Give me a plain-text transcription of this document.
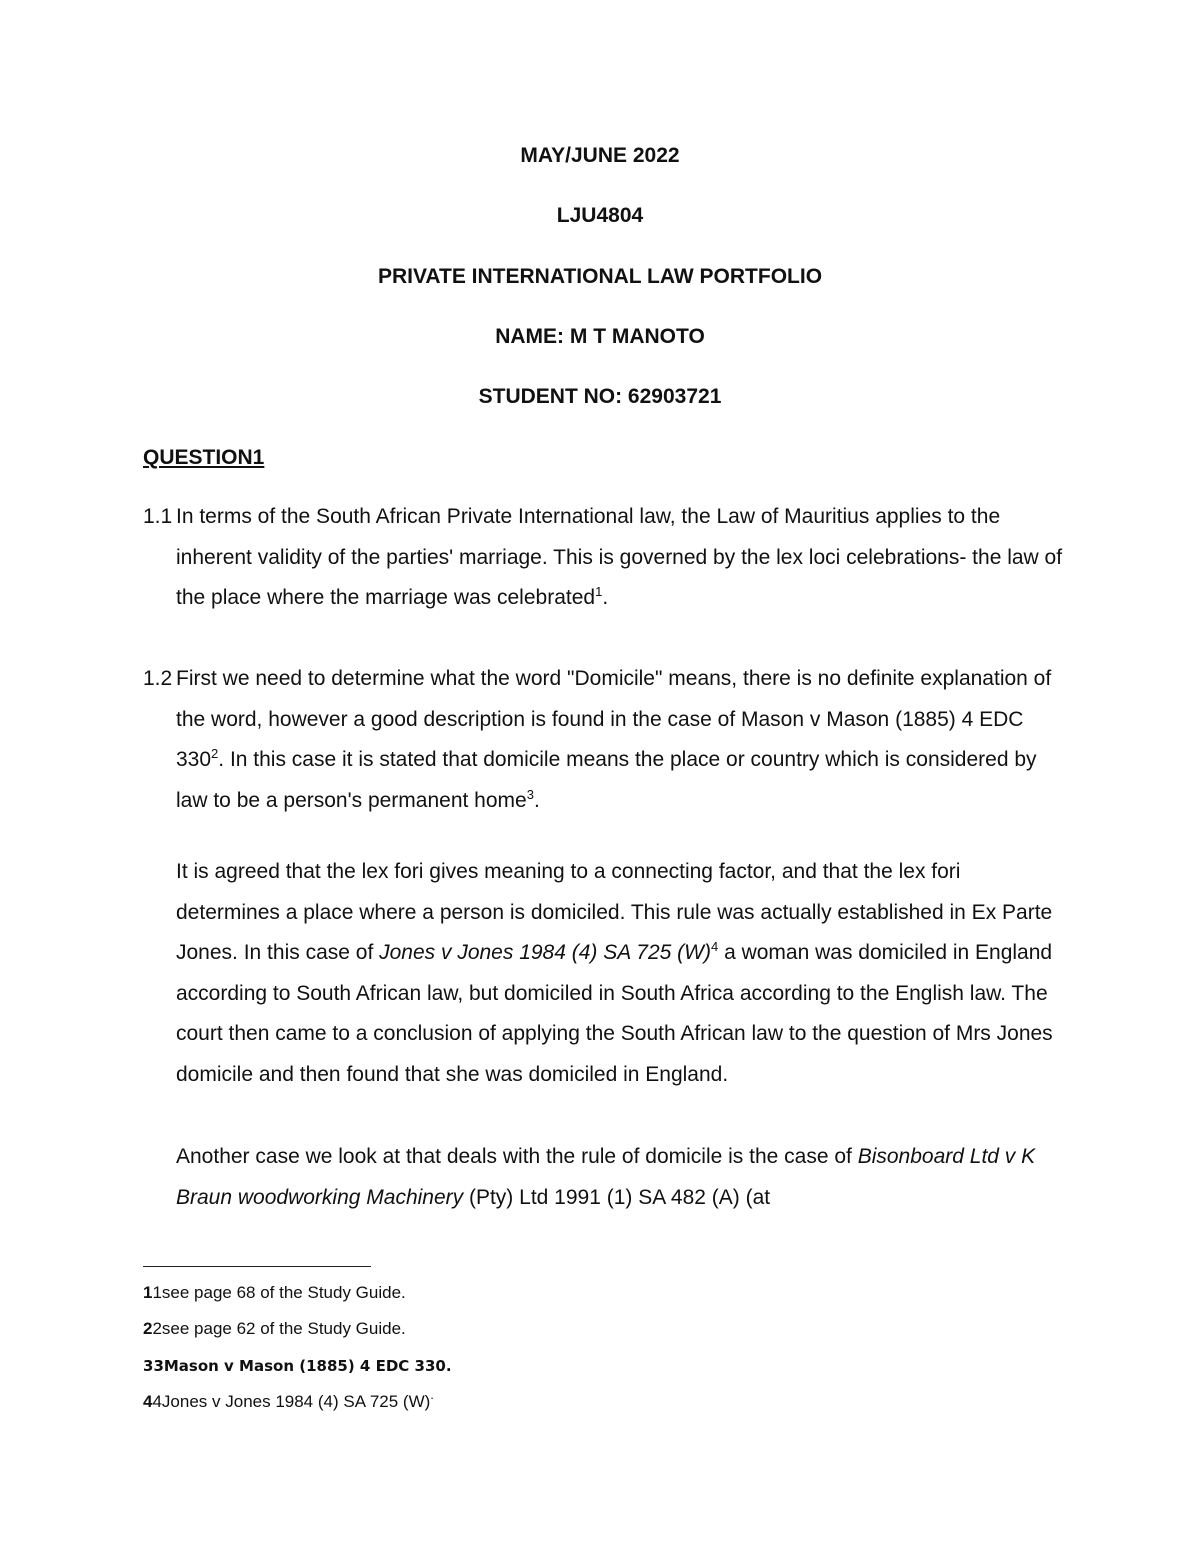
MAY/JUNE 2022

LJU4804

PRIVATE INTERNATIONAL LAW PORTFOLIO

NAME: M T MANOTO

STUDENT NO: 62903721

QUESTION1

1.1 In terms of the South African Private International law, the Law of Mauritius applies to the inherent validity of the parties' marriage. This is governed by the lex loci celebrations- the law of the place where the marriage was celebrated$^1$.
1.2 First we need to determine what the word "Domicile" means, there is no definite explanation of the word, however a good description is found in the case of Mason v Mason (1885) 4 EDC $330^2$. In this case it is stated that domicile means the place or country which is considered by law to be a person's permanent home$^3$.
It is agreed that the lex fori gives meaning to a connecting factor, and that the lex fori determines a place where a person is domiciled. This rule was actually established in Ex Parte Jones. In this case of Jones v Jones 1984 (4) SA 725 $(W)^4$ a woman was domiciled in England according to South African law, but domiciled in South Africa according to the English law. The court then came to a conclusion of applying the South African law to the question of Mrs Jones domicile and then found that she was domiciled in England.
Another case we look at that deals with the rule of domicile is the case of Bisonboard Ltd v K Braun woodworking Machinery (Pty) Ltd 1991 (1) SA 482 (A) (at

11see page 68 of the Study Guide.

22see page 62 of the Study Guide.

33Mason v Mason (1885) 4 EDC 330.

44Jones v Jones 1984 (4) SA 725 (W).
